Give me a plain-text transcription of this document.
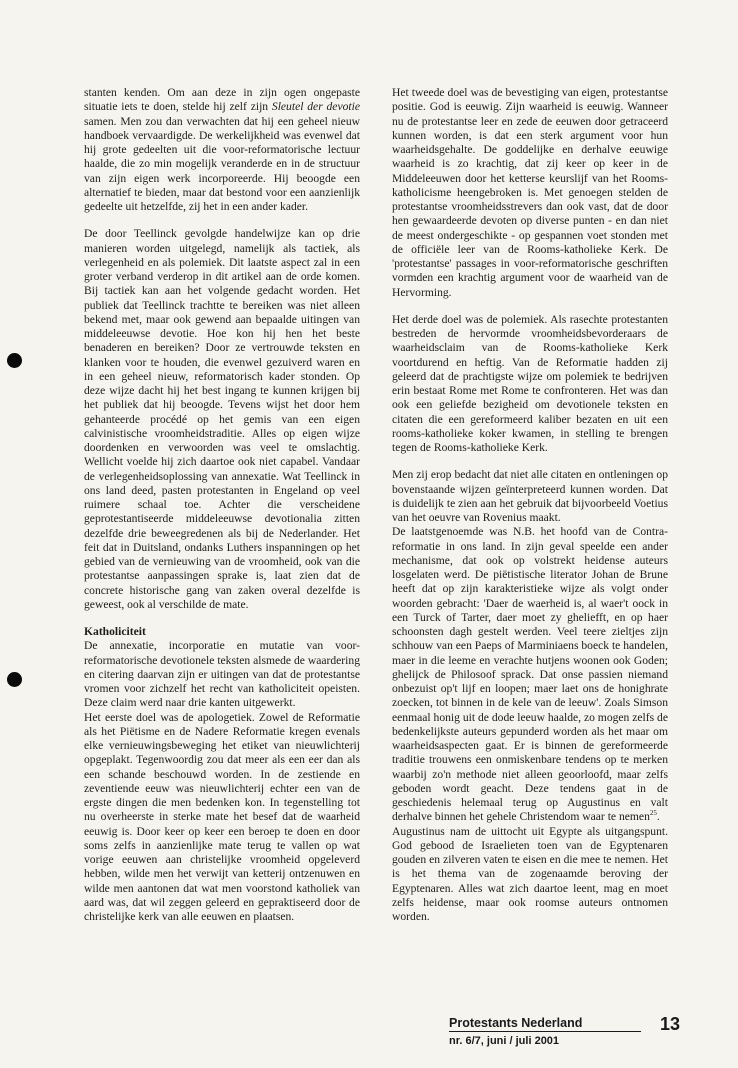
stanten kenden. Om aan deze in zijn ogen ongepaste situatie iets te doen, stelde hij zelf zijn Sleutel der devotie samen. Men zou dan verwachten dat hij een geheel nieuw handboek vervaardigde. De werkelijkheid was evenwel dat hij grote gedeelten uit die voor-reformatorische lectuur haalde, die zo min mogelijk veranderde en in de structuur van zijn eigen werk incorporeerde. Hij beoogde een alternatief te bieden, maar dat bestond voor een aanzienlijk gedeelte uit hetzelfde, zij het in een ander kader.

De door Teellinck gevolgde handelwijze kan op drie manieren worden uitgelegd, namelijk als tactiek, als verlegenheid en als polemiek. Dit laatste aspect zal in een groter verband verderop in dit artikel aan de orde komen. Bij tactiek kan aan het volgende gedacht worden. Het publiek dat Teellinck trachtte te bereiken was niet alleen bekend met, maar ook gewend aan bepaalde uitingen van middeleeuwse devotie. Hoe kon hij hen het beste benaderen en bereiken? Door ze vertrouwde teksten en klanken voor te houden, die evenwel gezuiverd waren en in een geheel nieuw, reformatorisch kader stonden. Op deze wijze dacht hij het best ingang te kunnen krijgen bij het publiek dat hij beoogde. Tevens wijst het door hem gehanteerde procédé op het gemis van een eigen calvinistische vroomheidstraditie. Alles op eigen wijze doordenken en verwoorden was veel te omslachtig. Wellicht voelde hij zich daartoe ook niet capabel. Vandaar de verlegenheidsoplossing van annexatie. Wat Teellinck in ons land deed, pasten protestanten in Engeland op veel ruimere schaal toe. Achter die verscheidene geprotestantiseerde middeleeuwse devotionalia zitten dezelfde drie beweegredenen als bij de Nederlander. Het feit dat in Duitsland, ondanks Luthers inspanningen op het gebied van de vernieuwing van de vroomheid, ook van die protestantse aanpassingen sprake is, laat zien dat de concrete historische gang van zaken overal dezelfde is geweest, ook al verschilde de mate.

Katholiciteit

De annexatie, incorporatie en mutatie van voor-reformatorische devotionele teksten alsmede de waardering en citering daarvan zijn er uitingen van dat de protestantse vromen voor zichzelf het recht van katholiciteit opeisten. Deze claim werd naar drie kanten uitgewerkt.

Het eerste doel was de apologetiek. Zowel de Reformatie als het Piëtisme en de Nadere Reformatie kregen evenals elke vernieuwingsbeweging het etiket van nieuwlichterij opgeplakt. Tegenwoordig zou dat meer als een eer dan als een schande beschouwd worden. In de zestiende en zeventiende eeuw was nieuwlichterij echter een van de ergste dingen die men bedenken kon. In tegenstelling tot nu overheerste in sterke mate het besef dat de waarheid eeuwig is. Door keer op keer een beroep te doen en door soms zelfs in aanzienlijke mate terug te vallen op wat vorige eeuwen aan christelijke vroomheid opgeleverd hebben, wilde men het verwijt van ketterij ontzenuwen en wilde men aantonen dat wat men voorstond katholiek van aard was, dat wil zeggen geleerd en gepraktiseerd door de christelijke kerk van alle eeuwen en plaatsen.

Het tweede doel was de bevestiging van eigen, protestantse positie. God is eeuwig. Zijn waarheid is eeuwig. Wanneer nu de protestantse leer en zede de eeuwen door getraceerd kunnen worden, is dat een sterk argument voor hun waarheidsgehalte. De goddelijke en derhalve eeuwige waarheid is zo krachtig, dat zij keer op keer in de Middeleeuwen door het ketterse keurslijf van het Rooms-katholicisme heengebroken is. Met genoegen stelden de protestantse vroomheidsstrevers dan ook vast, dat de door hen gewaardeerde devoten op diverse punten - en dan niet de meest ondergeschikte - op gespannen voet stonden met de officiële leer van de Rooms-katholieke Kerk. De 'protestantse' passages in voor-reformatorische geschriften vormden een krachtig argument voor de waarheid van de Hervorming.

Het derde doel was de polemiek. Als rasechte protestanten bestreden de hervormde vroomheidsbevorderaars de waarheidsclaim van de Rooms-katholieke Kerk voortdurend en heftig. Van de Reformatie hadden zij geleerd dat de prachtigste wijze om polemiek te bedrijven erin bestaat Rome met Rome te confronteren. Het was dan ook een geliefde bezigheid om devotionele teksten en citaten die een gereformeerd kaliber bezaten en uit een rooms-katholieke koker kwamen, in stelling te brengen tegen de Rooms-katholieke Kerk.

Men zij erop bedacht dat niet alle citaten en ontleningen op bovenstaande wijzen geïnterpreteerd kunnen worden. Dat is duidelijk te zien aan het gebruik dat bijvoorbeeld Voetius van het oeuvre van Rovenius maakt.

De laatstgenoemde was N.B. het hoofd van de Contra-reformatie in ons land. In zijn geval speelde een ander mechanisme, dat ook op volstrekt heidense auteurs losgelaten werd. De piëtistische literator Johan de Brune heeft dat op zijn karakteristieke wijze als volgt onder woorden gebracht: 'Daer de waerheid is, al waer't oock in een Turck of Tarter, daer moet zy gheliefft, en op haer schoonsten dagh gestelt werden. Veel teere zieltjes zijn schhouw van een Paeps of Marminiaens boeck te handelen, maer in die leeme en verachte hutjens woonen ook Goden; ghelijck de Philosoof sprack. Dat onse passien niemand onbezuist op't lijf en loopen; maer laet ons de honighrate zoecken, tot binnen in de kele van de leeuw'. Zoals Simson eenmaal honig uit de dode leeuw haalde, zo mogen zelfs de bedenkelijkste auteurs gepunderd worden als het maar om waarheidsaspecten gaat. Er is binnen de gereformeerde traditie trouwens een onmiskenbare tendens op te merken waarbij zo'n methode niet alleen geoorloofd, maar zelfs geboden wordt geacht. Deze tendens gaat in de geschiedenis helemaal terug op Augustinus en valt derhalve binnen het gehele Christendom waar te nemen$^{25}$.

Augustinus nam de uittocht uit Egypte als uitgangspunt. God gebood de Israelieten toen van de Egyptenaren gouden en zilveren vaten te eisen en die mee te nemen. Het is het thema van de zogenaamde beroving der Egyptenaren. Alles wat zich daartoe leent, mag en moet zelfs heidense, maar ook roomse auteurs ontnomen worden.

Protestants Nederland
nr. 6/7, juni / juli 2001
13
